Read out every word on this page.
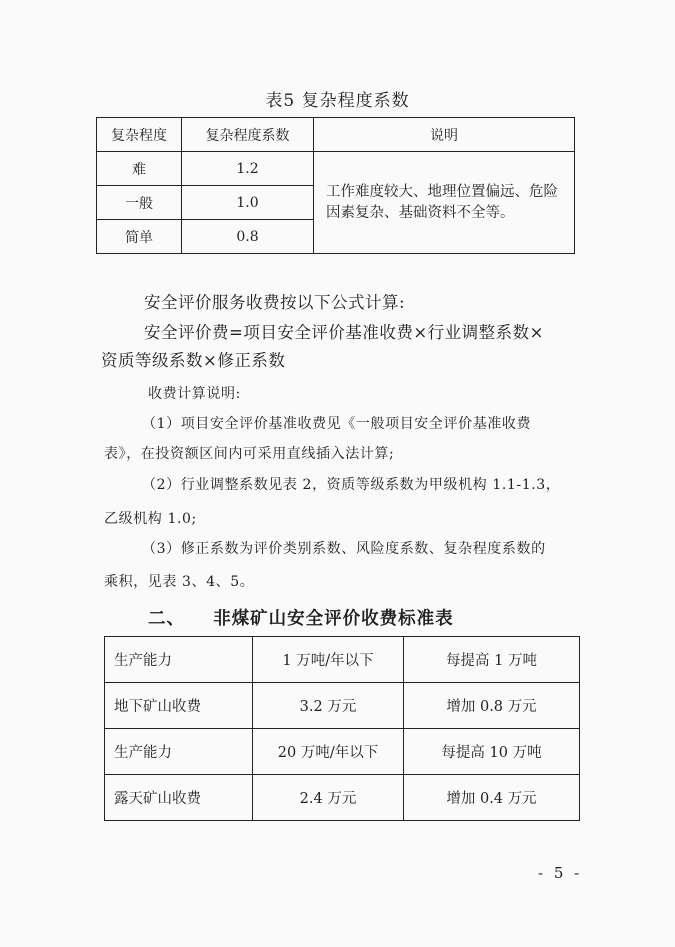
表5 复杂程度系数
复杂程度	复杂程度系数	说明
难	1.2	工作难度较大、地理位置偏远、危险
因素复杂、基础资料不全等。

一般	1.0	
简单	0.8	
安全评价服务收费按以下公式计算:
安全评价费=项目安全评价基准收费×行业调整系数×
资质等级系数×修正系数
收费计算说明:
（1）项目安全评价基准收费见《一般项目安全评价基准收费
表》，在投资额区间内可采用直线插入法计算;
（2）行业调整系数见表 2，资质等级系数为甲级机构 1.1-1.3，
乙级机构 1.0;
（3）修正系数为评价类别系数、风险度系数、复杂程度系数的
乘积，见表 3、4、5。
二、 非煤矿山安全评价收费标准表
生产能力	1 万吨/年以下	每提高 1 万吨
地下矿山收费	3.2 万元	增加 0.8 万元
生产能力	20 万吨/年以下	每提高 10 万吨
露天矿山收费	2.4 万元	增加 0.4 万元
- 5 -
